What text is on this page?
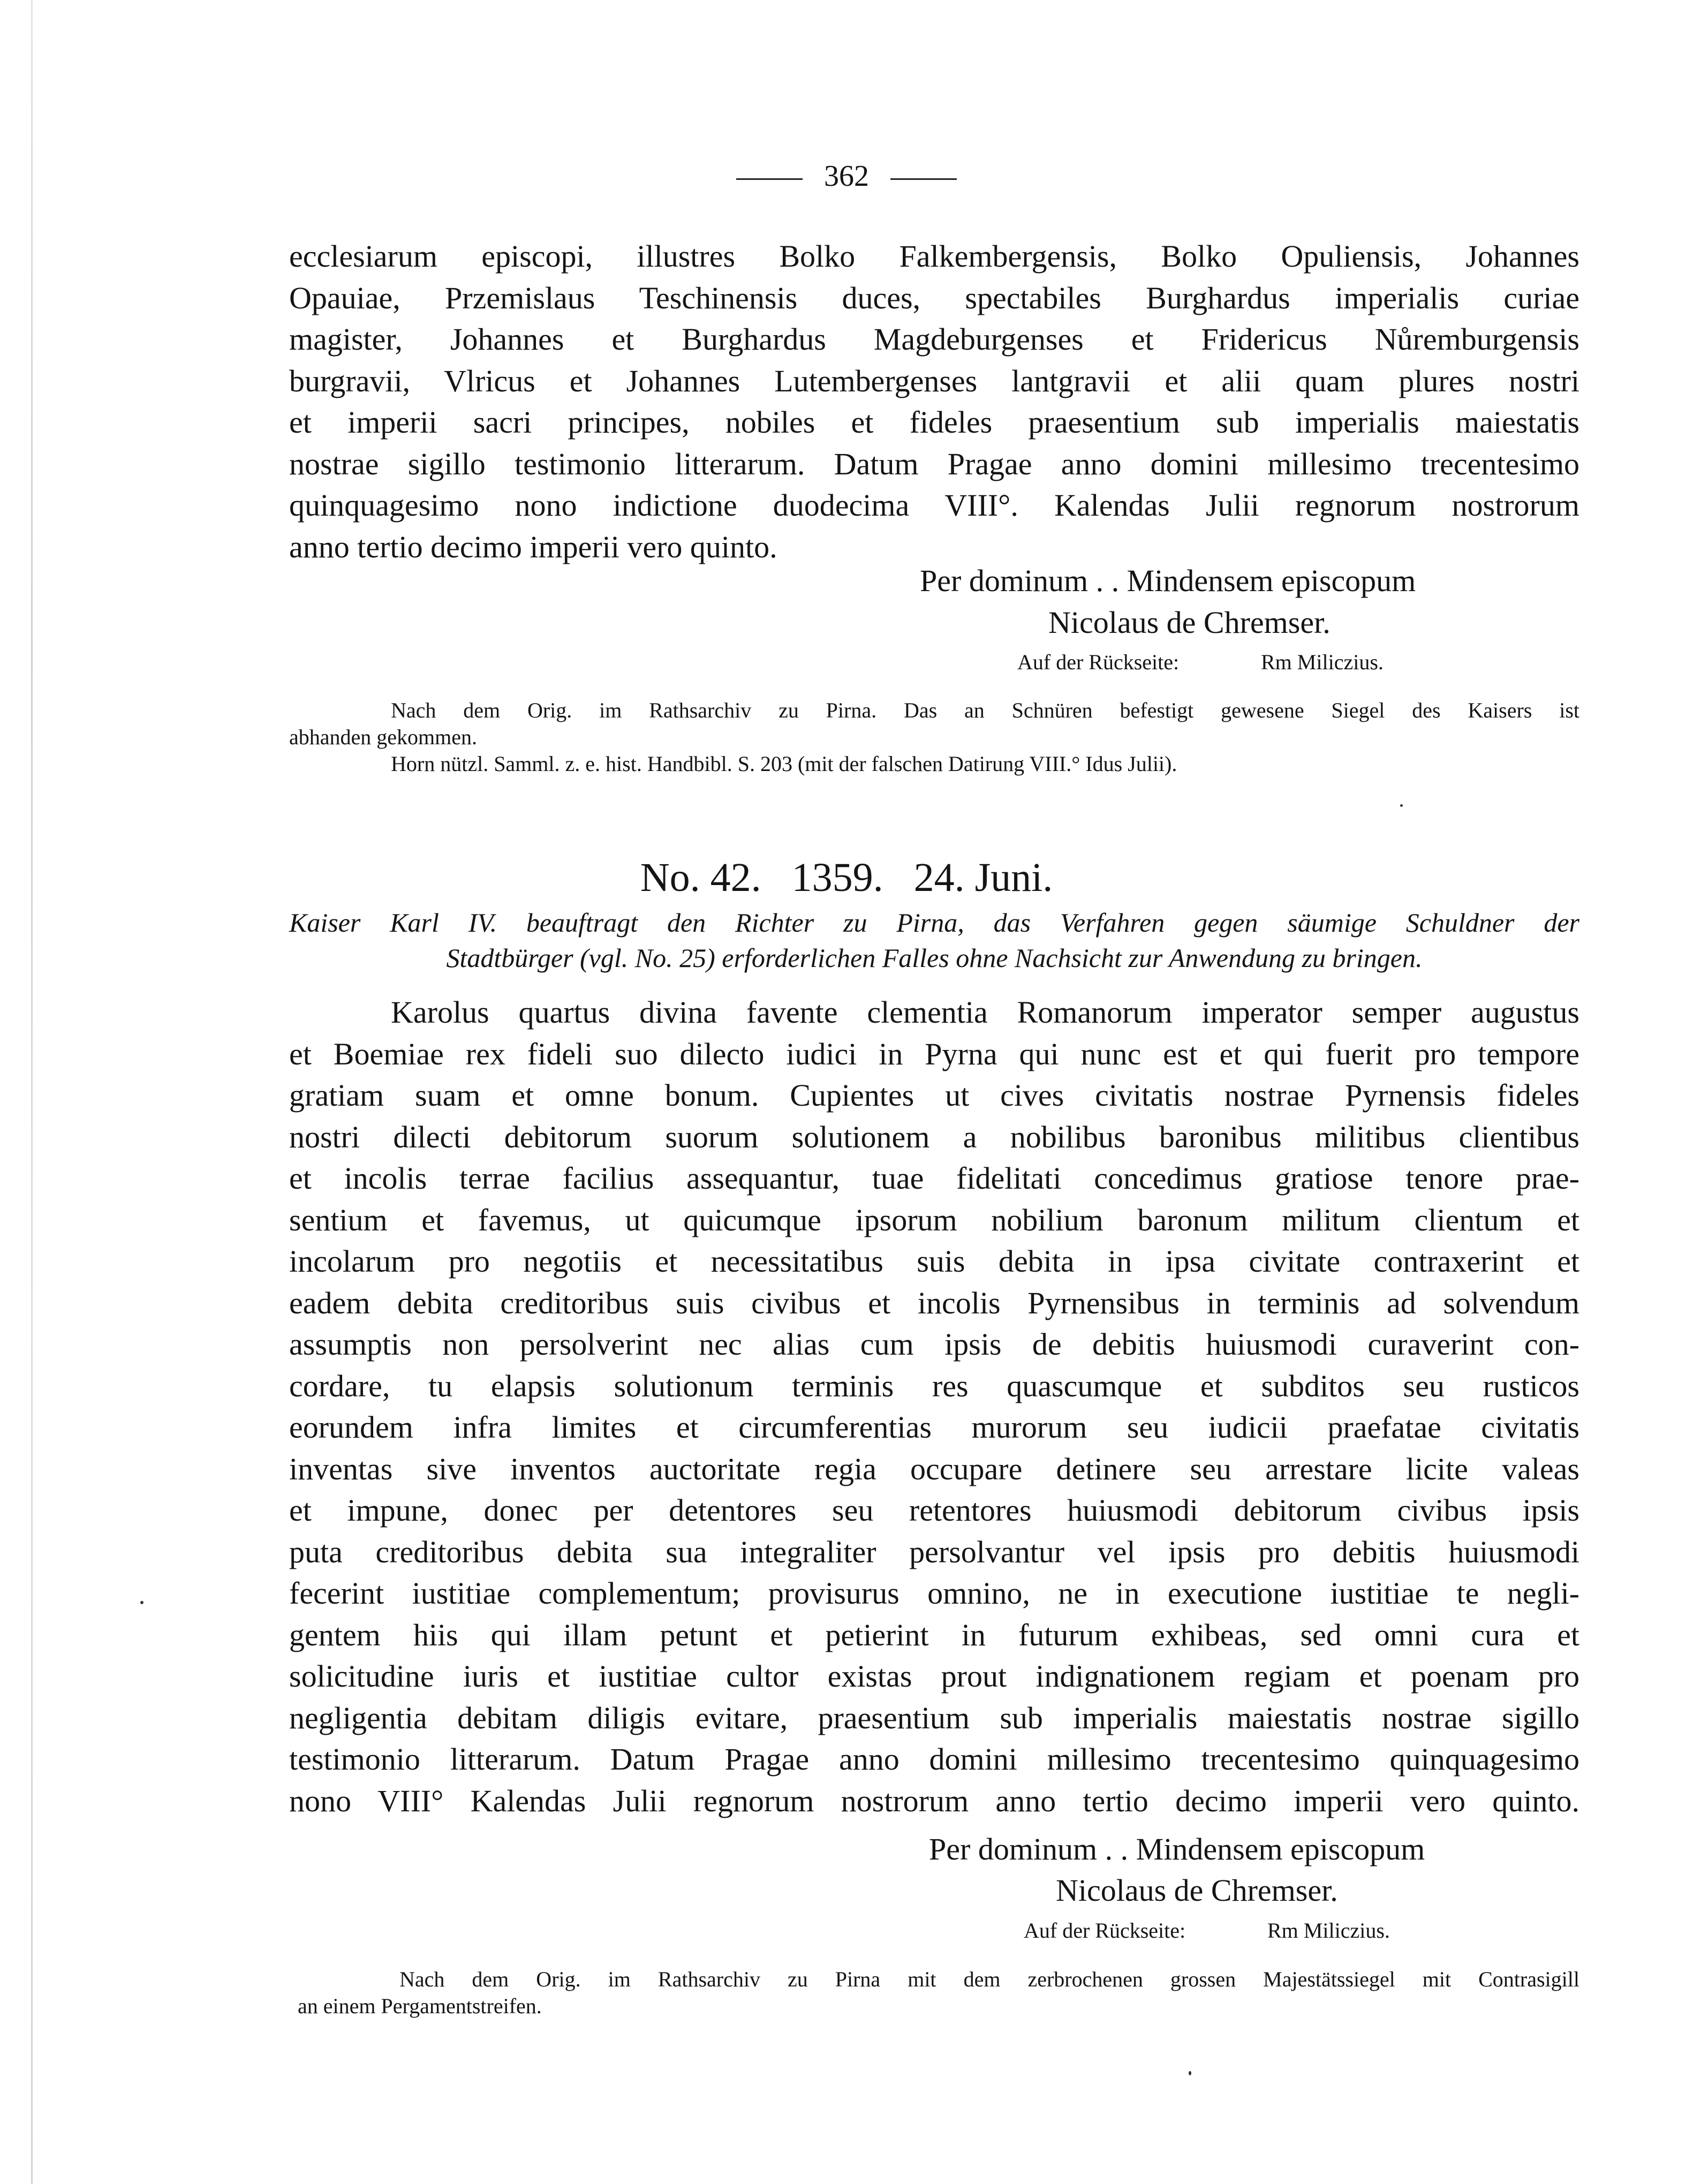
362
ecclesiarum episcopi, illustres Bolko Falkembergensis, Bolko Opuliensis, Johannes
Opauiae, Przemislaus Teschinensis duces, spectabiles Burghardus imperialis curiae
magister, Johannes et Burghardus Magdeburgenses et Fridericus Nůremburgensis
burgravii, Vlricus et Johannes Lutembergenses lantgravii et alii quam plures nostri
et imperii sacri principes, nobiles et fideles praesentium sub imperialis maiestatis
nostrae sigillo testimonio litterarum. Datum Pragae anno domini millesimo trecentesimo
quinquagesimo nono indictione duodecima VIII°. Kalendas Julii regnorum nostrorum
anno tertio decimo imperii vero quinto.
Per dominum . . Mindensem episcopum
Nicolaus de Chremser.
Auf der Rückseite:	Rm Miliczius.
Nach dem Orig. im Rathsarchiv zu Pirna. Das an Schnüren befestigt gewesene Siegel des Kaisers ist
abhanden gekommen.
Horn nützl. Samml. z. e. hist. Handbibl. S. 203 (mit der falschen Datirung VIII.° Idus Julii).
No. 42.   1359.   24. Juni.
Kaiser Karl IV. beauftragt den Richter zu Pirna, das Verfahren gegen säumige Schuldner der
Stadtbürger (vgl. No. 25) erforderlichen Falles ohne Nachsicht zur Anwendung zu bringen.
Karolus quartus divina favente clementia Romanorum imperator semper augustus
et Boemiae rex fideli suo dilecto iudici in Pyrna qui nunc est et qui fuerit pro tempore
gratiam suam et omne bonum. Cupientes ut cives civitatis nostrae Pyrnensis fideles
nostri dilecti debitorum suorum solutionem a nobilibus baronibus militibus clientibus
et incolis terrae facilius assequantur, tuae fidelitati concedimus gratiose tenore prae-
sentium et favemus, ut quicumque ipsorum nobilium baronum militum clientum et
incolarum pro negotiis et necessitatibus suis debita in ipsa civitate contraxerint et
eadem debita creditoribus suis civibus et incolis Pyrnensibus in terminis ad solvendum
assumptis non persolverint nec alias cum ipsis de debitis huiusmodi curaverint con-
cordare, tu elapsis solutionum terminis res quascumque et subditos seu rusticos
eorundem infra limites et circumferentias murorum seu iudicii praefatae civitatis
inventas sive inventos auctoritate regia occupare detinere seu arrestare licite valeas
et impune, donec per detentores seu retentores huiusmodi debitorum civibus ipsis
puta creditoribus debita sua integraliter persolvantur vel ipsis pro debitis huiusmodi
fecerint iustitiae complementum; provisurus omnino, ne in executione iustitiae te negli-
gentem hiis qui illam petunt et petierint in futurum exhibeas, sed omni cura et
solicitudine iuris et iustitiae cultor existas prout indignationem regiam et poenam pro
negligentia debitam diligis evitare, praesentium sub imperialis maiestatis nostrae sigillo
testimonio litterarum. Datum Pragae anno domini millesimo trecentesimo quinquagesimo
nono VIII° Kalendas Julii regnorum nostrorum anno tertio decimo imperii vero quinto.
Per dominum . . Mindensem episcopum
Nicolaus de Chremser.
Auf der Rückseite:	Rm Miliczius.
Nach dem Orig. im Rathsarchiv zu Pirna mit dem zerbrochenen grossen Majestätssiegel mit Contrasigill
an einem Pergamentstreifen.
